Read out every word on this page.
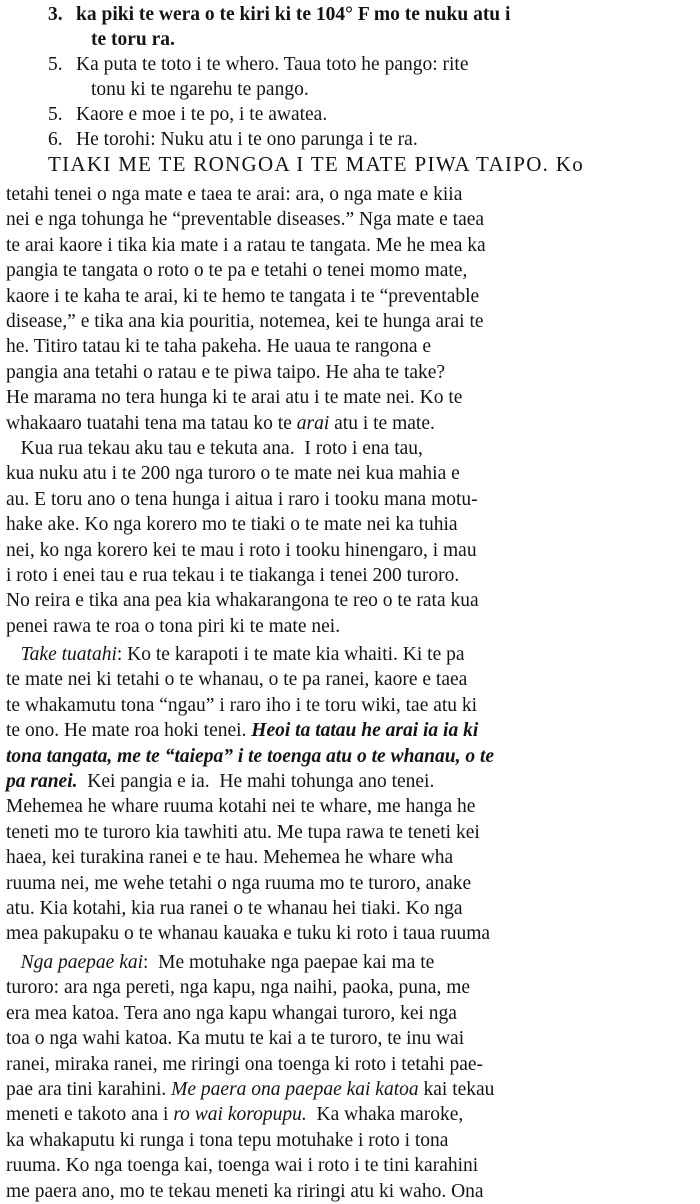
3. ka piki te wera o te kiri ki te 104° F mo te nuku atu i
te toru ra.
5. Ka puta te toto i te whero. Taua toto he pango: rite
tonu ki te ngarehu te pango.
5. Kaore e moe i te po, i te awatea.
6. He torohi: Nuku atu i te ono parunga i te ra.
TIAKI ME TE RONGOA I TE MATE PIWA TAIPO. Ko
tetahi tenei o nga mate e taea te arai: ara, o nga mate e kiia
nei e nga tohunga he “preventable diseases.” Nga mate e taea
te arai kaore i tika kia mate i a ratau te tangata. Me he mea ka
pangia te tangata o roto o te pa e tetahi o tenei momo mate,
kaore i te kaha te arai, ki te hemo te tangata i te “preventable
disease,” e tika ana kia pouritia, notemea, kei te hunga arai te
he. Titiro tatau ki te taha pakeha. He uaua te rangona e
pangia ana tetahi o ratau e te piwa taipo. He aha te take?
He marama no tera hunga ki te arai atu i te mate nei. Ko te
whakaaro tuatahi tena ma tatau ko te arai atu i te mate.
Kua rua tekau aku tau e tekuta ana.  I roto i ena tau,
kua nuku atu i te 200 nga turoro o te mate nei kua mahia e
au. E toru ano o tena hunga i aitua i raro i tooku mana motu-
hake ake. Ko nga korero mo te tiaki o te mate nei ka tuhia
nei, ko nga korero kei te mau i roto i tooku hinengaro, i mau
i roto i enei tau e rua tekau i te tiakanga i tenei 200 turoro.
No reira e tika ana pea kia whakarangona te reo o te rata kua
penei rawa te roa o tona piri ki te mate nei.
Take tuatahi: Ko te karapoti i te mate kia whaiti. Ki te pa
te mate nei ki tetahi o te whanau, o te pa ranei, kaore e taea
te whakamutu tona “ngau” i raro iho i te toru wiki, tae atu ki
te ono. He mate roa hoki tenei. Heoi ta tatau he arai ia ia ki
tona tangata, me te “taiepa” i te toenga atu o te whanau, o te
pa ranei.  Kei pangia e ia.  He mahi tohunga ano tenei.
Mehemea he whare ruuma kotahi nei te whare, me hanga he
teneti mo te turoro kia tawhiti atu. Me tupa rawa te teneti kei
haea, kei turakina ranei e te hau. Mehemea he whare wha
ruuma nei, me wehe tetahi o nga ruuma mo te turoro, anake
atu. Kia kotahi, kia rua ranei o te whanau hei tiaki. Ko nga
mea pakupaku o te whanau kauaka e tuku ki roto i taua ruuma
Nga paepae kai:  Me motuhake nga paepae kai ma te
turoro: ara nga pereti, nga kapu, nga naihi, paoka, puna, me
era mea katoa. Tera ano nga kapu whangai turoro, kei nga
toa o nga wahi katoa. Ka mutu te kai a te turoro, te inu wai
ranei, miraka ranei, me riringi ona toenga ki roto i tetahi pae-
pae ara tini karahini. Me paera ona paepae kai katoa kai tekau
meneti e takoto ana i ro wai koropupu.  Ka whaka maroke,
ka whakaputu ki runga i tona tepu motuhake i roto i tona
ruuma. Ko nga toenga kai, toenga wai i roto i te tini karahini
me paera ano, mo te tekau meneti ka riringi atu ki waho. Ona
